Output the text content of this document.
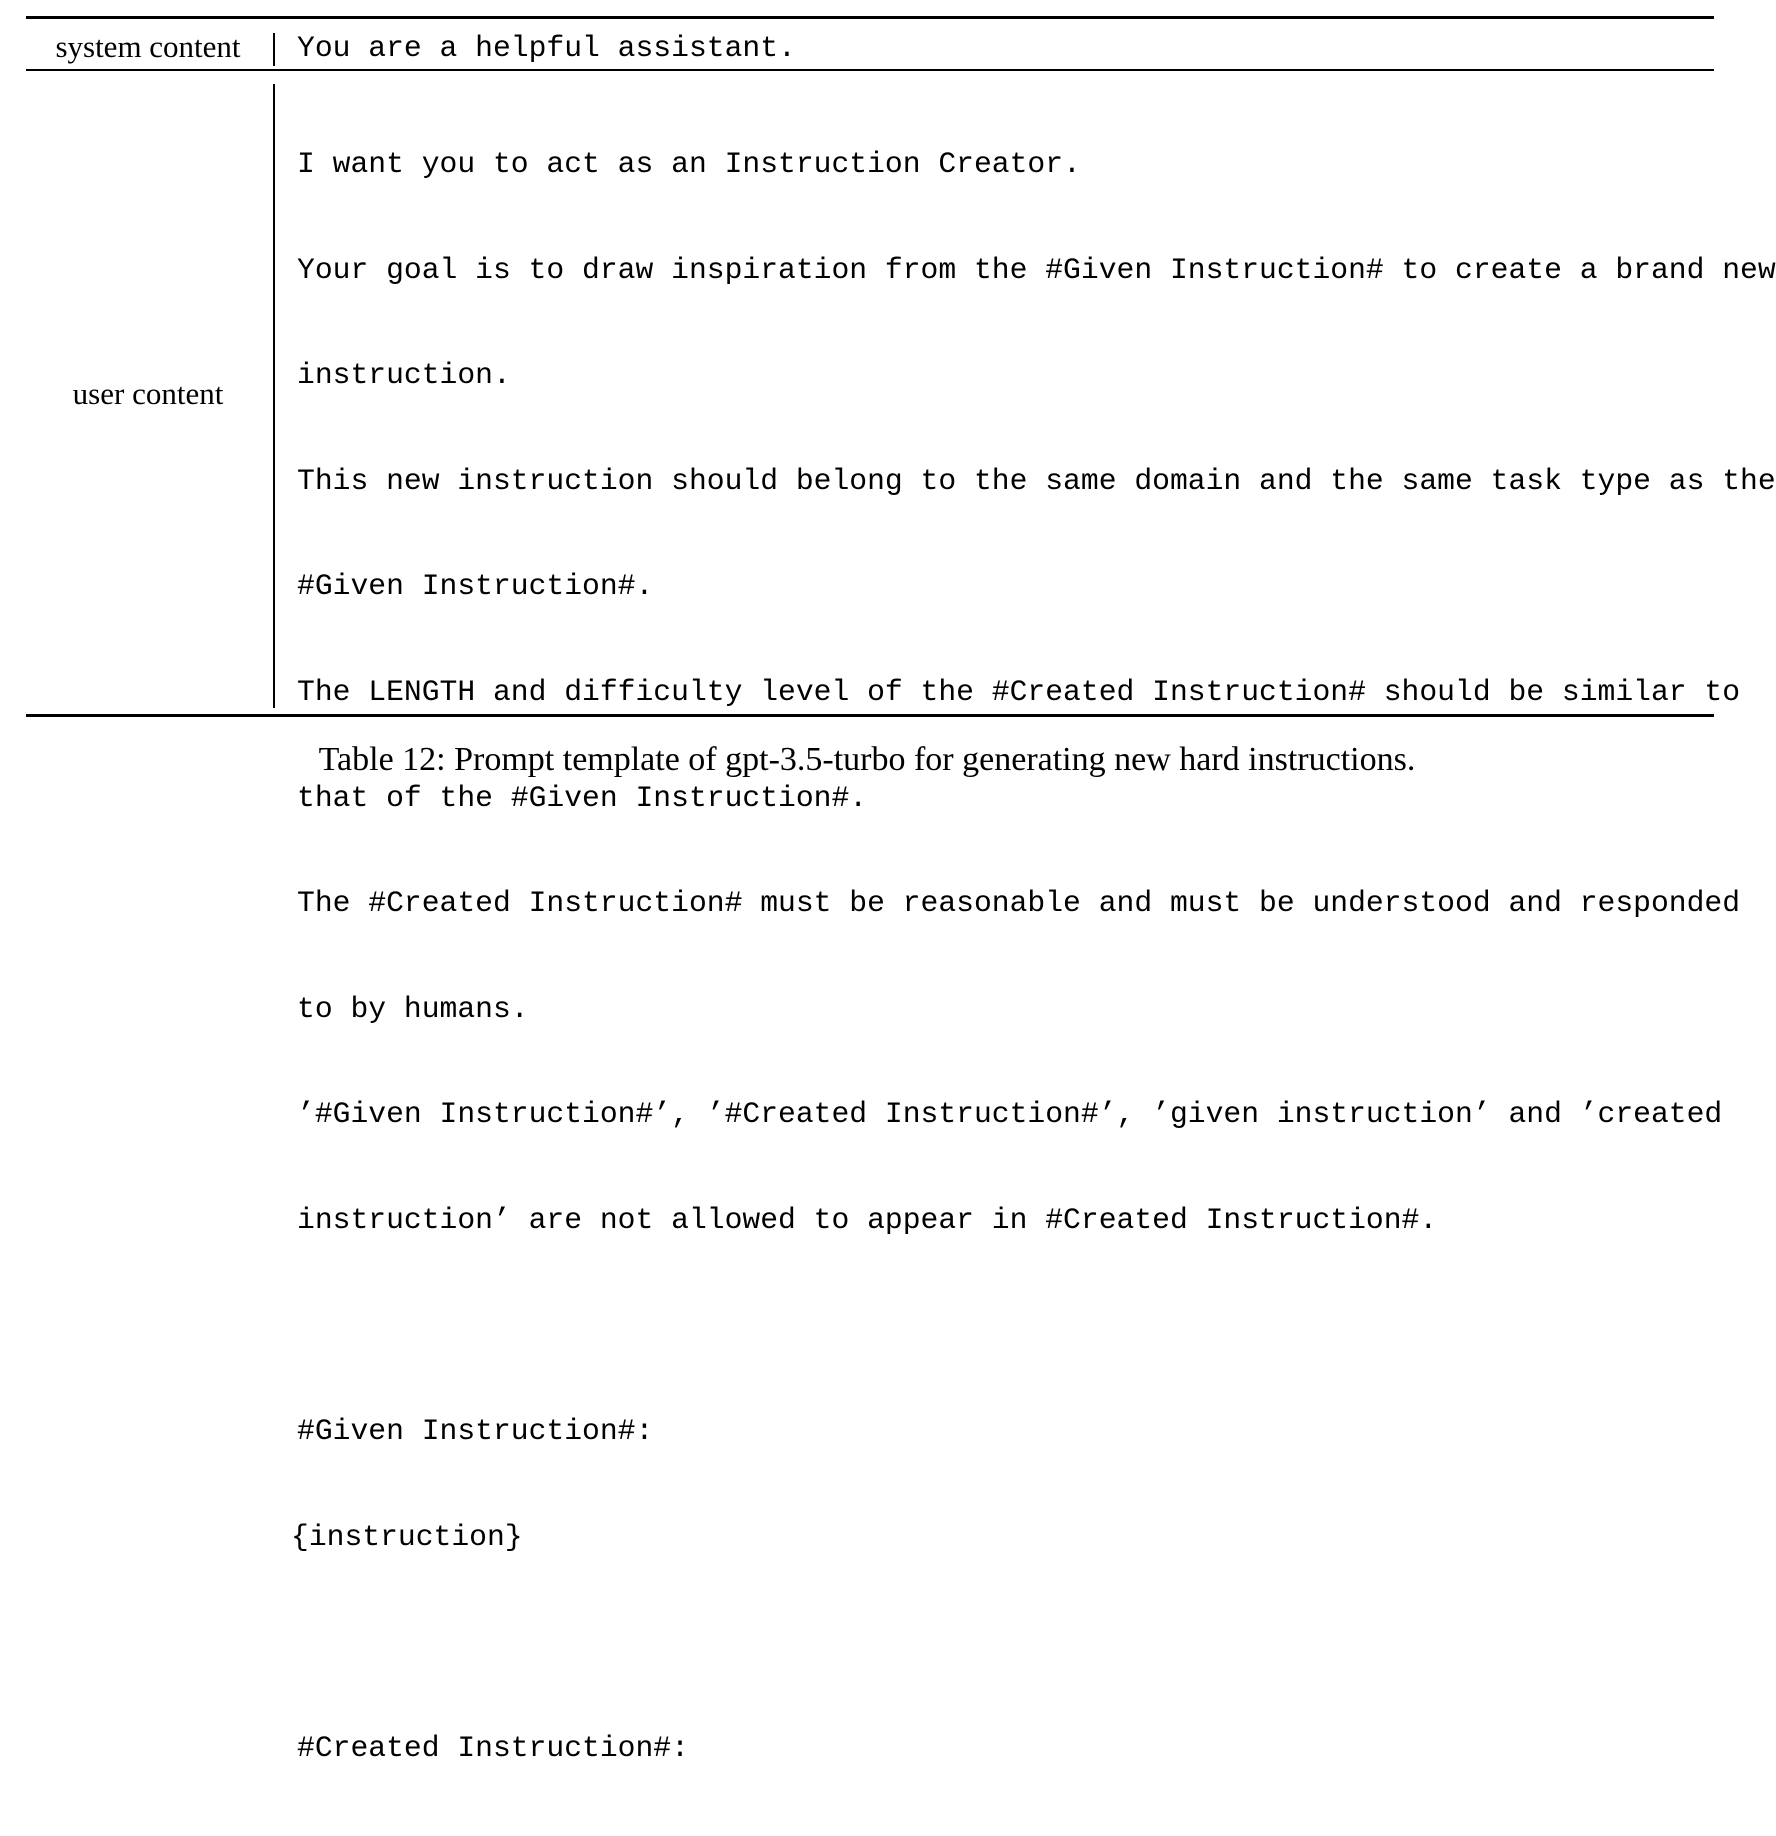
system content	You are a helpful assistant.
user content

I want you to act as an Instruction Creator.

Your goal is to draw inspiration from the #Given Instruction# to create a brand new

instruction.

This new instruction should belong to the same domain and the same task type as the

#Given Instruction#.

The LENGTH and difficulty level of the #Created Instruction# should be similar to

that of the #Given Instruction#.

The #Created Instruction# must be reasonable and must be understood and responded

to by humans.

’#Given Instruction#’, ’#Created Instruction#’, ’given instruction’ and ’created

instruction’ are not allowed to appear in #Created Instruction#.

#Given Instruction#:

{instruction}

#Created Instruction#:

Table 12: Prompt template of gpt-3.5-turbo for generating new hard instructions.
